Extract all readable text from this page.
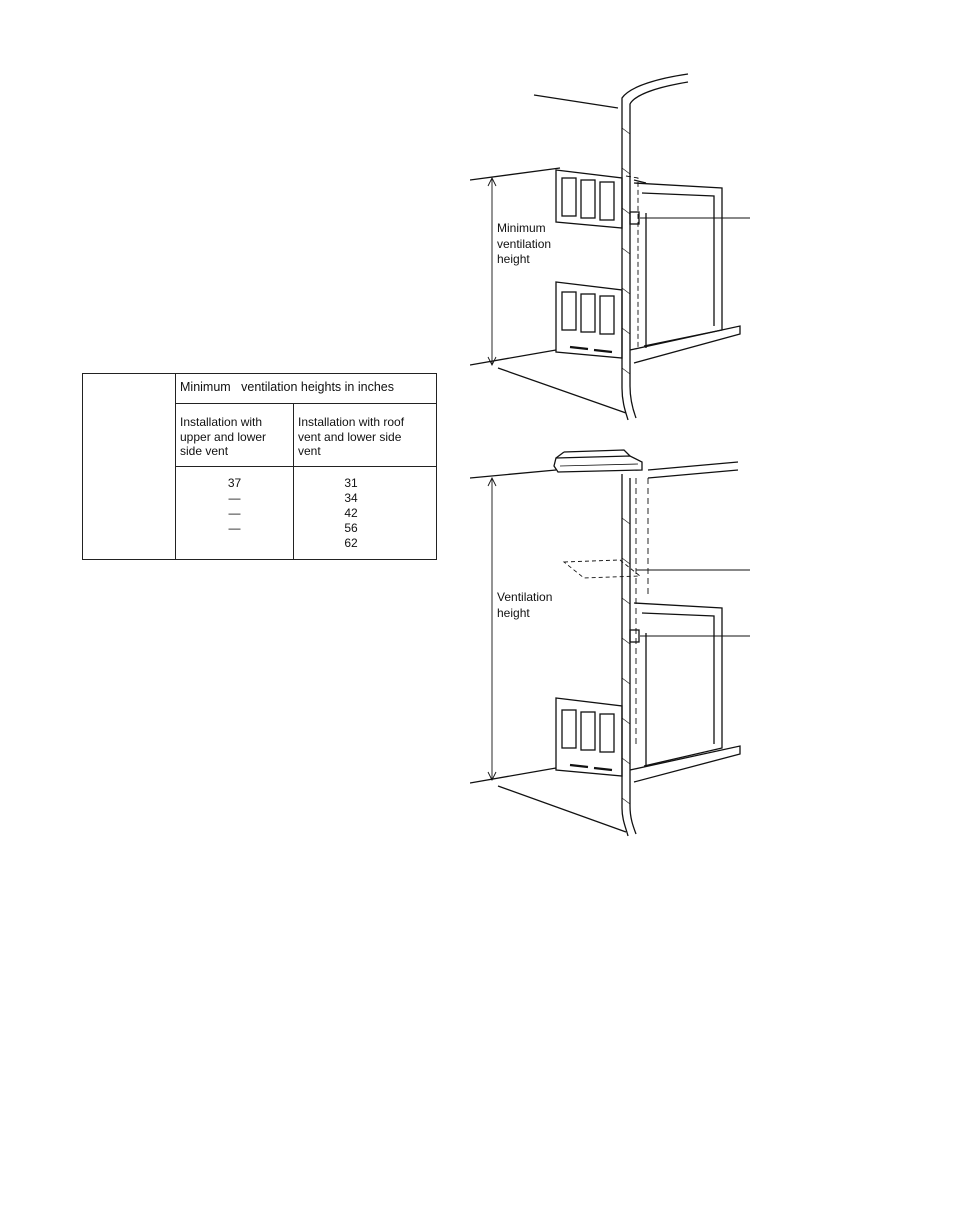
Minimum   ventilation heights in inches
Installation with
upper and lower
side vent
Installation with roof
vent and lower side
vent
37
—
—
—
31
34
42
56
62
Minimum
ventilation
height
Ventilation
height
